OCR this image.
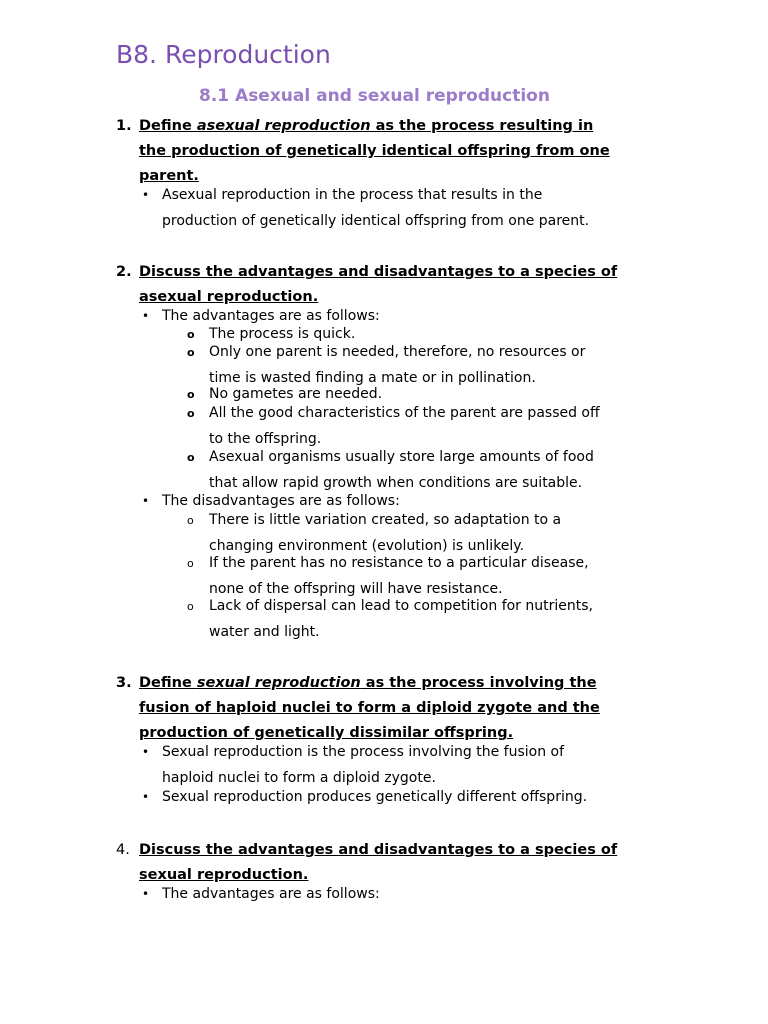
B8. Reproduction
8.1 Asexual and sexual reproduction
1. Define asexual reproduction as the process resulting in
the production of genetically identical offspring from one
parent.
• Asexual reproduction in the process that results in the
production of genetically identical offspring from one parent.
2. Discuss the advantages and disadvantages to a species of
asexual reproduction.
• The advantages are as follows:
o The process is quick.
o Only one parent is needed, therefore, no resources or
time is wasted finding a mate or in pollination.
o No gametes are needed.
o All the good characteristics of the parent are passed off
to the offspring.
o Asexual organisms usually store large amounts of food
that allow rapid growth when conditions are suitable.
• The disadvantages are as follows:
o There is little variation created, so adaptation to a
changing environment (evolution) is unlikely.
o If the parent has no resistance to a particular disease,
none of the offspring will have resistance.
o Lack of dispersal can lead to competition for nutrients,
water and light.
3. Define sexual reproduction as the process involving the
fusion of haploid nuclei to form a diploid zygote and the
production of genetically dissimilar offspring.
• Sexual reproduction is the process involving the fusion of
haploid nuclei to form a diploid zygote.
• Sexual reproduction produces genetically different offspring.
4. Discuss the advantages and disadvantages to a species of
sexual reproduction.
• The advantages are as follows:
